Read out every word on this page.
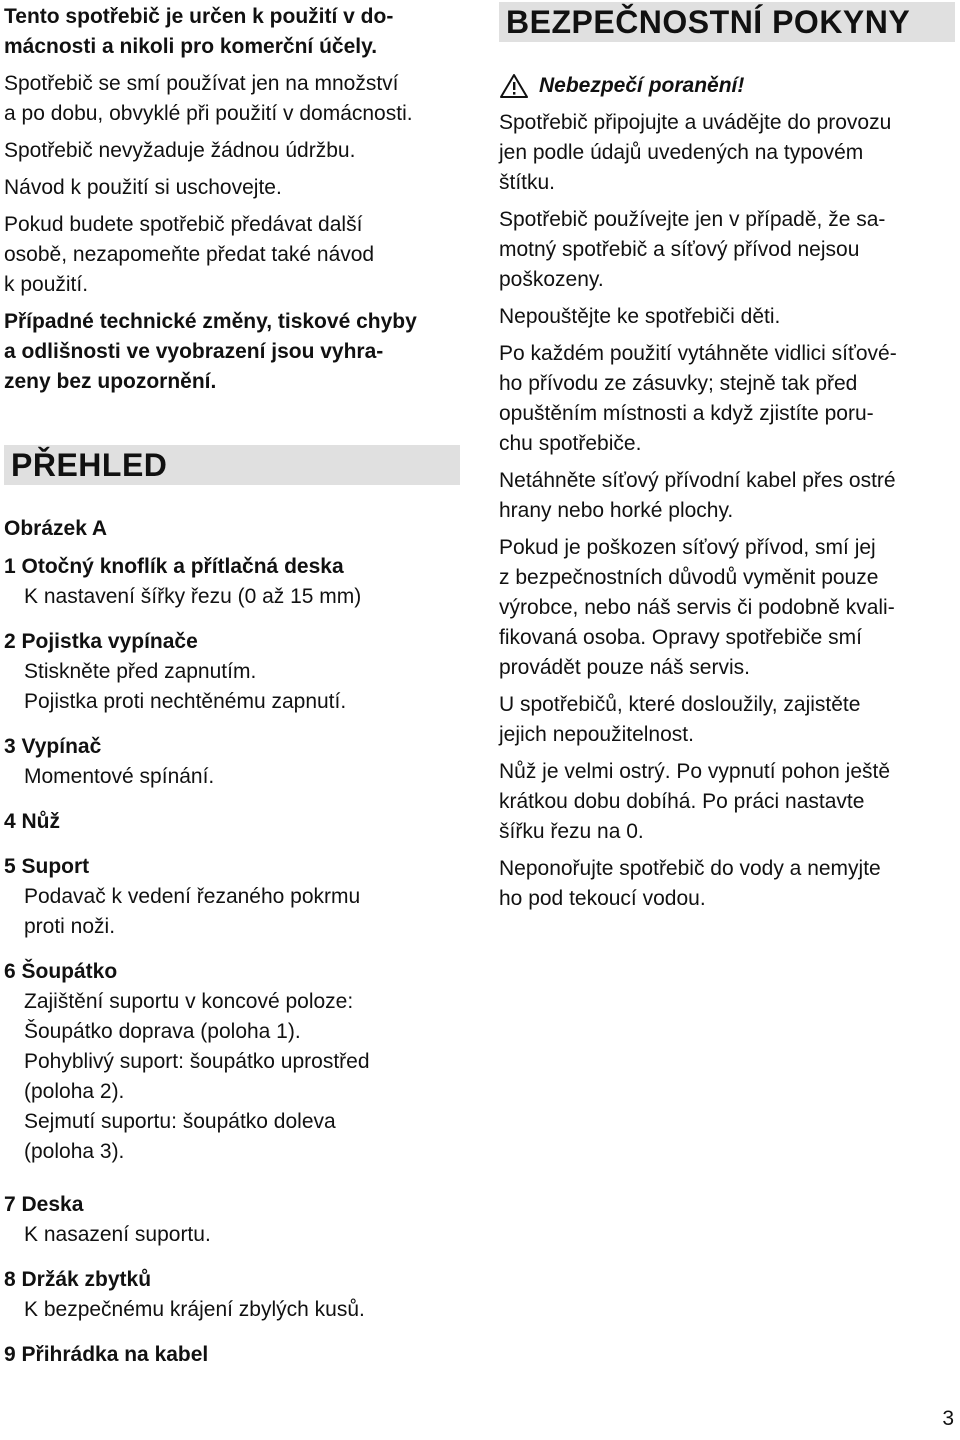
Tento spotřebič je určen k použití v do-

mácnosti a nikoli pro komerční účely.

Spotřebič se smí používat jen na množství

a po dobu, obvyklé při použití v domácnosti.

Spotřebič nevyžaduje žádnou údržbu.

Návod k použití si uschovejte.

Pokud budete spotřebič předávat další

osobě, nezapomeňte předat také návod

k použití.

Případné technické změny, tiskové chyby

a odlišnosti ve vyobrazení jsou vyhra-

zeny bez upozornění.

PŘEHLED
Obrázek A
1 Otočný knoflík a přítlačná deska
K nastavení šířky řezu (0 až 15 mm)
2 Pojistka vypínače
Stiskněte před zapnutím.
Pojistka proti nechtěnému zapnutí.
3 Vypínač
Momentové spínání.
4 Nůž
5 Suport
Podavač k vedení řezaného pokrmu
proti noži.
6 Šoupátko
Zajištění suportu v koncové poloze:
Šoupátko doprava (poloha 1).
Pohyblivý suport: šoupátko uprostřed
(poloha 2).
Sejmutí suportu: šoupátko doleva
(poloha 3).
7 Deska
K nasazení suportu.
8 Držák zbytků
K bezpečnému krájení zbylých kusů.
9 Přihrádka na kabel
BEZPEČNOSTNÍ POKYNY
Nebezpečí poranění!

Spotřebič připojujte a uvádějte do provozu

jen podle údajů uvedených na typovém

štítku.

Spotřebič používejte jen v případě, že sa-

motný spotřebič a síťový přívod nejsou

poškozeny.

Nepouštějte ke spotřebiči děti.

Po každém použití vytáhněte vidlici síťové-

ho přívodu ze zásuvky; stejně tak před

opuštěním místnosti a když zjistíte poru-

chu spotřebiče.

Netáhněte síťový přívodní kabel přes ostré

hrany nebo horké plochy.

Pokud je poškozen síťový přívod, smí jej

z bezpečnostních důvodů vyměnit pouze

výrobce, nebo náš servis či podobně kvali-

fikovaná osoba. Opravy spotřebiče smí

provádět pouze náš servis.

U spotřebičů, které dosloužily, zajistěte

jejich nepoužitelnost.

Nůž je velmi ostrý. Po vypnutí pohon ještě

krátkou dobu dobíhá. Po práci nastavte

šířku řezu na 0.

Neponořujte spotřebič do vody a nemyjte

ho pod tekoucí vodou.

3
